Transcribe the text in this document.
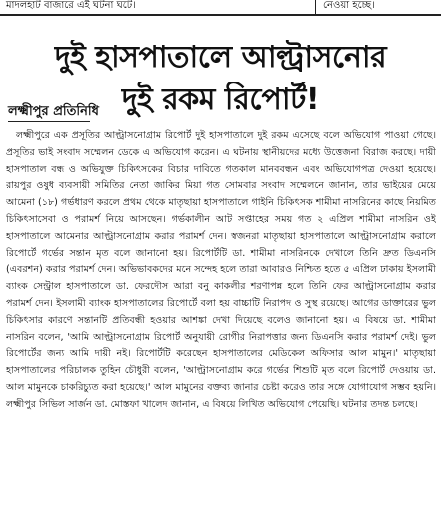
মাদলহাট বাজারে এই ঘটনা ঘটে।	নেওয়া হচ্ছে।
দুই হাসপাতালে আল্ট্রাসনোর
দুই রকম রিপোর্ট!
লক্ষ্মীপুর প্রতিনিধি

লক্ষ্মীপুরে এক প্রসূতির আল্ট্রাসনোগ্রাম রিপোর্ট দুই হাসপাতালে দুই রকম এসেছে বলে অভিযোগ পাওয়া গেছে। প্রসূতির ভাই সংবাদ সম্মেলন ডেকে এ অভিযোগ করেন। এ ঘটনায় স্থানীয়দের মধ্যে উত্তেজনা বিরাজ করছে। দায়ী হাসপাতাল বন্ধ ও অভিযুক্ত চিকিৎসকের বিচার দাবিতে গতকাল মানববন্ধন এবং অভিযোগপত্র দেওয়া হয়েছে। রায়পুর ওষুধ ব্যবসায়ী সমিতির নেতা জাকির মিয়া গত সোমবার সংবাদ সম্মেলনে জানান, তার ভাইয়ের মেয়ে আমেনা (১৮) গর্ভধারণ করলে প্রথম থেকে মাতৃছায়া হাসপাতালে গাইনি চিকিৎসক শামীমা নাসরিনের কাছে নিয়মিত চিকিৎসাসেবা ও পরামর্শ নিয়ে আসছেন। গর্ভকালীন আট সপ্তাহের সময় গত ২ এপ্রিল শামীমা নাসরিন ওই হাসপাতালে আমেনার আল্ট্রাসনোগ্রাম করার পরামর্শ দেন। স্বজনরা মাতৃছায়া হাসপাতালে আল্ট্রাসনোগ্রাম করালে রিপোর্টে গর্ভের সন্তান মৃত বলে জানানো হয়। রিপোর্টটি ডা. শামীমা নাসরিনকে দেখালে তিনি দ্রুত ডিএনসি (এবরশন) করার পরামর্শ দেন। অভিভাবকদের মনে সন্দেহ হলে তারা আবারও নিশ্চিত হতে ৫ এপ্রিল ঢাকায় ইসলামী ব্যাংক সেন্ট্রাল হাসপাতালে ডা. ফেরদৌস আরা বনু কাকলীর শরণাপন্ন হলে তিনি ফের আল্ট্রাসনোগ্রাম করার পরামর্শ দেন। ইসলামী ব্যাংক হাসপাতালের রিপোর্টে বলা হয় বাচ্চাটি নিরাপদ ও সুস্থ রয়েছে। আগের ডাক্তারের ভুল চিকিৎসার কারণে সন্তানটি প্রতিবন্ধী হওয়ার আশঙ্কা দেখা দিয়েছে বলেও জানানো হয়। এ বিষয়ে ডা. শামীমা নাসরিন বলেন, 'আমি আল্ট্রাসনোগ্রাম রিপোর্ট অনুযায়ী রোগীর নিরাপত্তার জন্য ডিএনসি করার পরামর্শ দেই। ভুল রিপোর্টের জন্য আমি দায়ী নই। রিপোর্টটি করেছেন হাসপাতালের মেডিকেল অফিসার আল মামুন।' মাতৃছায়া হাসপাতালের পরিচালক তুহিন চৌধুরী বলেন, 'আল্ট্রাসনোগ্রাম করে গর্ভের শিশুটি মৃত বলে রিপোর্ট দেওয়ায় ডা. আল মামুনকে চাকরিচ্যুত করা হয়েছে।' আল মামুনের বক্তব্য জানার চেষ্টা করেও তার সঙ্গে যোগাযোগ সম্ভব হয়নি। লক্ষ্মীপুর সিভিল সার্জন ডা. মোস্তফা খালেদ জানান, এ বিষয়ে লিখিত অভিযোগ পেয়েছি। ঘটনার তদন্ত চলছে।
